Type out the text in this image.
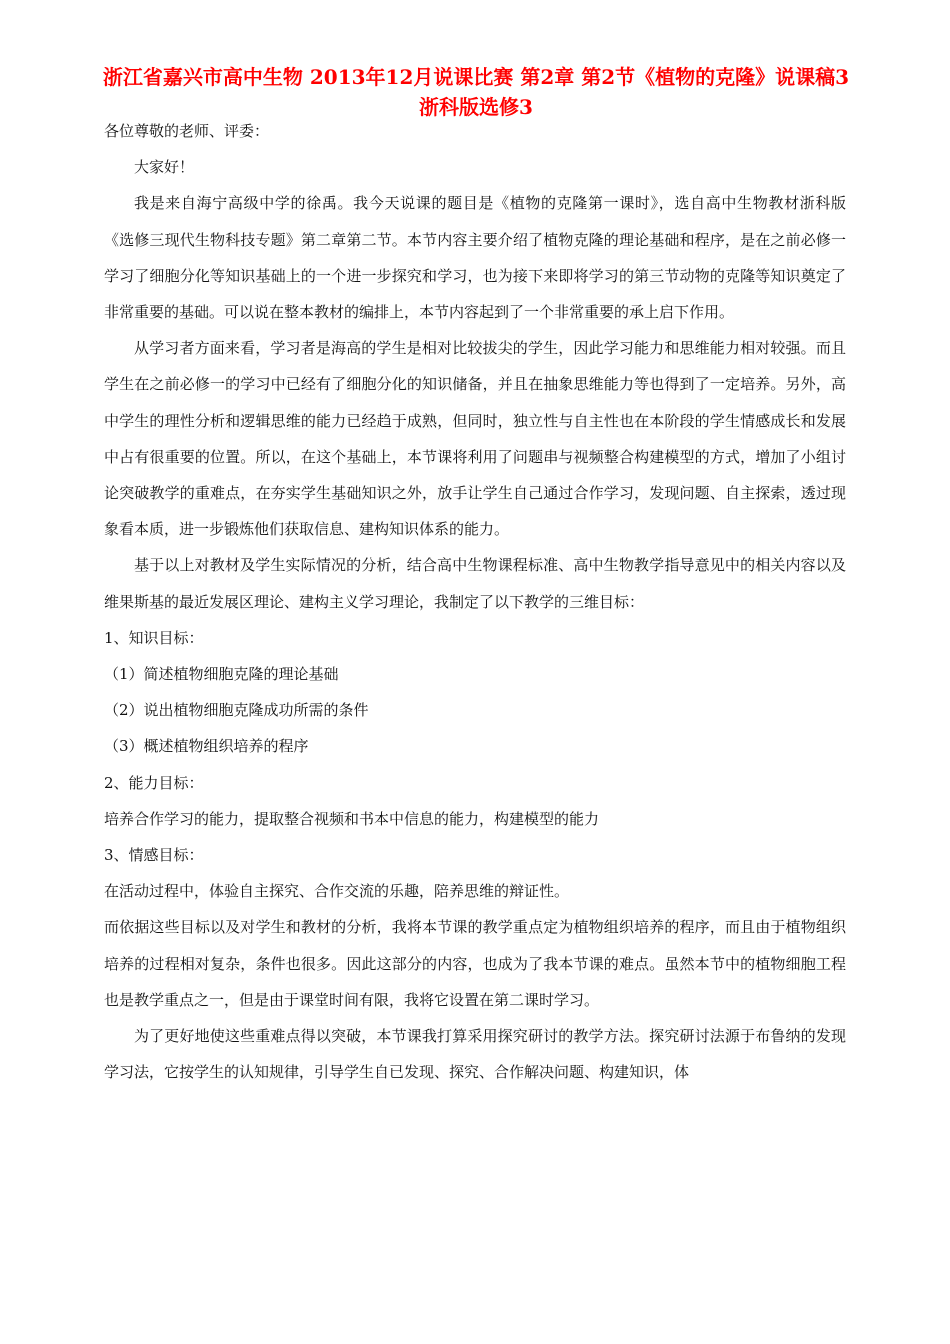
浙江省嘉兴市高中生物 2013年12月说课比赛 第2章 第2节《植物的克隆》说课稿3 浙科版选修3

各位尊敬的老师、评委：

大家好！

我是来自海宁高级中学的徐禹。我今天说课的题目是《植物的克隆第一课时》，选自高中生物教材浙科版《选修三现代生物科技专题》第二章第二节。本节内容主要介绍了植物克隆的理论基础和程序，是在之前必修一学习了细胞分化等知识基础上的一个进一步探究和学习，也为接下来即将学习的第三节动物的克隆等知识奠定了非常重要的基础。可以说在整本教材的编排上，本节内容起到了一个非常重要的承上启下作用。

从学习者方面来看，学习者是海高的学生是相对比较拔尖的学生，因此学习能力和思维能力相对较强。而且学生在之前必修一的学习中已经有了细胞分化的知识储备，并且在抽象思维能力等也得到了一定培养。另外，高中学生的理性分析和逻辑思维的能力已经趋于成熟，但同时，独立性与自主性也在本阶段的学生情感成长和发展中占有很重要的位置。所以，在这个基础上，本节课将利用了问题串与视频整合构建模型的方式，增加了小组讨论突破教学的重难点，在夯实学生基础知识之外，放手让学生自己通过合作学习，发现问题、自主探索，透过现象看本质，进一步锻炼他们获取信息、建构知识体系的能力。

基于以上对教材及学生实际情况的分析，结合高中生物课程标准、高中生物教学指导意见中的相关内容以及维果斯基的最近发展区理论、建构主义学习理论，我制定了以下教学的三维目标：

1、知识目标：

（1）简述植物细胞克隆的理论基础

（2）说出植物细胞克隆成功所需的条件

（3）概述植物组织培养的程序

2、能力目标：

培养合作学习的能力，提取整合视频和书本中信息的能力，构建模型的能力

3、情感目标：

在活动过程中，体验自主探究、合作交流的乐趣，陪养思维的辩证性。

而依据这些目标以及对学生和教材的分析，我将本节课的教学重点定为植物组织培养的程序，而且由于植物组织培养的过程相对复杂，条件也很多。因此这部分的内容，也成为了我本节课的难点。虽然本节中的植物细胞工程也是教学重点之一，但是由于课堂时间有限，我将它设置在第二课时学习。

为了更好地使这些重难点得以突破，本节课我打算采用探究研讨的教学方法。探究研讨法源于布鲁纳的发现学习法，它按学生的认知规律，引导学生自已发现、探究、合作解决问题、构建知识，体
